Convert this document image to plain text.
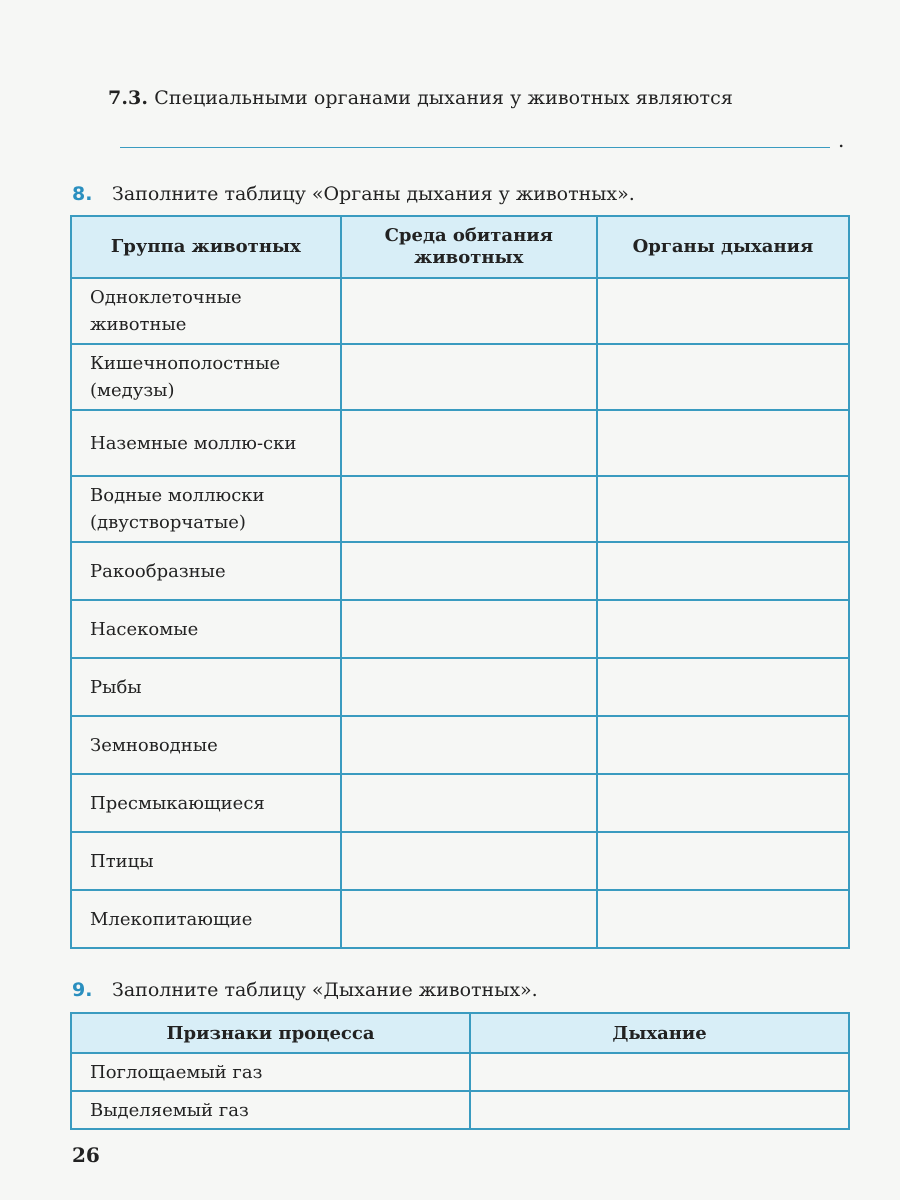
7.3. Специальными органами дыхания у животных являются
.
8. Заполните таблицу «Органы дыхания у животных».
Группа животных	Среда обитания животных	Органы дыхания
Одноклеточные животные		
Кишечнополостные (медузы)		
Наземные моллю-ски		
Водные моллюски (двустворчатые)		
Ракообразные		
Насекомые		
Рыбы		
Земноводные		
Пресмыкающиеся		
Птицы		
Млекопитающие		
9. Заполните таблицу «Дыхание животных».
Признаки процесса	Дыхание
Поглощаемый газ	
Выделяемый газ	
26
